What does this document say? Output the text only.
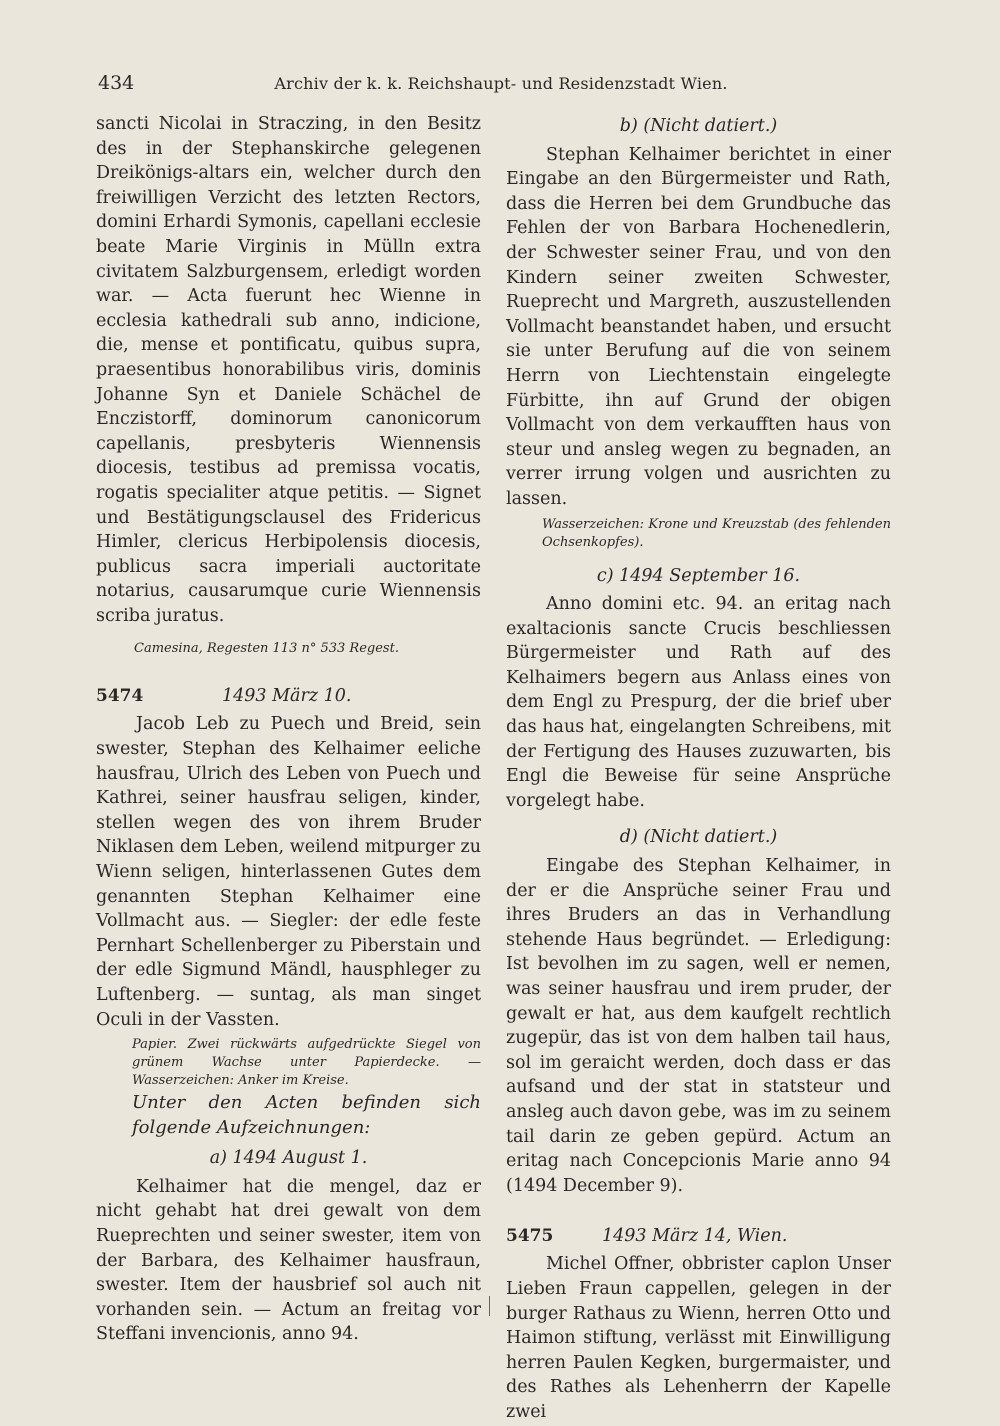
434	Archiv der k. k. Reichshaupt- und Residenzstadt Wien.

sancti Nicolai in Straczing, in den Besitz des in der Stephanskirche gelegenen Dreikönigs-altars ein, welcher durch den freiwilligen Verzicht des letzten Rectors, domini Erhardi Symonis, capellani ecclesie beate Marie Virginis in Mülln extra civitatem Salzburgensem, erledigt worden war. — Acta fuerunt hec Wienne in ecclesia kathedrali sub anno, indicione, die, mense et pontificatu, quibus supra, praesentibus honorabilibus viris, dominis Johanne Syn et Daniele Schächel de Enczistorff, dominorum canonicorum capellanis, presbyteris Wiennensis diocesis, testibus ad premissa vocatis, rogatis specialiter atque petitis. — Signet und Bestätigungsclausel des Fridericus Himler, clericus Herbipolensis diocesis, publicus sacra imperiali auctoritate notarius, causarumque curie Wiennensis scriba juratus.

Camesina, Regesten 113 n° 533 Regest.

5474	1493 März 10.

Jacob Leb zu Puech und Breid, sein swester, Stephan des Kelhaimer eeliche hausfrau, Ulrich des Leben von Puech und Kathrei, seiner hausfrau seligen, kinder, stellen wegen des von ihrem Bruder Niklasen dem Leben, weilend mitpurger zu Wienn seligen, hinterlassenen Gutes dem genannten Stephan Kelhaimer eine Vollmacht aus. — Siegler: der edle feste Pernhart Schellenberger zu Piberstain und der edle Sigmund Mändl, hausphleger zu Luftenberg. — suntag, als man singet Oculi in der Vassten.

Papier. Zwei rückwärts aufgedrückte Siegel von grünem Wachse unter Papierdecke. — Wasserzeichen: Anker im Kreise.

Unter den Acten befinden sich folgende Aufzeichnungen:

a) 1494 August 1.

Kelhaimer hat die mengel, daz er nicht gehabt hat drei gewalt von dem Rueprechten und seiner swester, item von der Barbara, des Kelhaimer hausfraun, swester. Item der hausbrief sol auch nit vorhanden sein. — Actum an freitag vor Steffani invencionis, anno 94.

b) (Nicht datiert.)

Stephan Kelhaimer berichtet in einer Eingabe an den Bürgermeister und Rath, dass die Herren bei dem Grundbuche das Fehlen der von Barbara Hochenedlerin, der Schwester seiner Frau, und von den Kindern seiner zweiten Schwester, Rueprecht und Margreth, auszustellenden Vollmacht beanstandet haben, und ersucht sie unter Berufung auf die von seinem Herrn von Liechtenstain eingelegte Fürbitte, ihn auf Grund der obigen Vollmacht von dem verkaufften haus von steur und ansleg wegen zu begnaden, an verrer irrung volgen und ausrichten zu lassen.

Wasserzeichen: Krone und Kreuzstab (des fehlenden Ochsenkopfes).

c) 1494 September 16.

Anno domini etc. 94. an eritag nach exaltacionis sancte Crucis beschliessen Bürgermeister und Rath auf des Kelhaimers begern aus Anlass eines von dem Engl zu Prespurg, der die brief uber das haus hat, eingelangten Schreibens, mit der Fertigung des Hauses zuzuwarten, bis Engl die Beweise für seine Ansprüche vorgelegt habe.

d) (Nicht datiert.)

Eingabe des Stephan Kelhaimer, in der er die Ansprüche seiner Frau und ihres Bruders an das in Verhandlung stehende Haus begründet. — Erledigung: Ist bevolhen im zu sagen, well er nemen, was seiner hausfrau und irem pruder, der gewalt er hat, aus dem kaufgelt rechtlich zugepür, das ist von dem halben tail haus, sol im geraicht werden, doch dass er das aufsand und der stat in statsteur und ansleg auch davon gebe, was im zu seinem tail darin ze geben gepürd. Actum an eritag nach Concepcionis Marie anno 94 (1494 December 9).

5475	1493 März 14, Wien.

Michel Offner, obbrister caplon Unser Lieben Fraun cappellen, gelegen in der burger Rathaus zu Wienn, herren Otto und Haimon stiftung, verlässt mit Einwilligung herren Paulen Kegken, burgermaister, und des Rathes als Lehenherrn der Kapelle zwei
